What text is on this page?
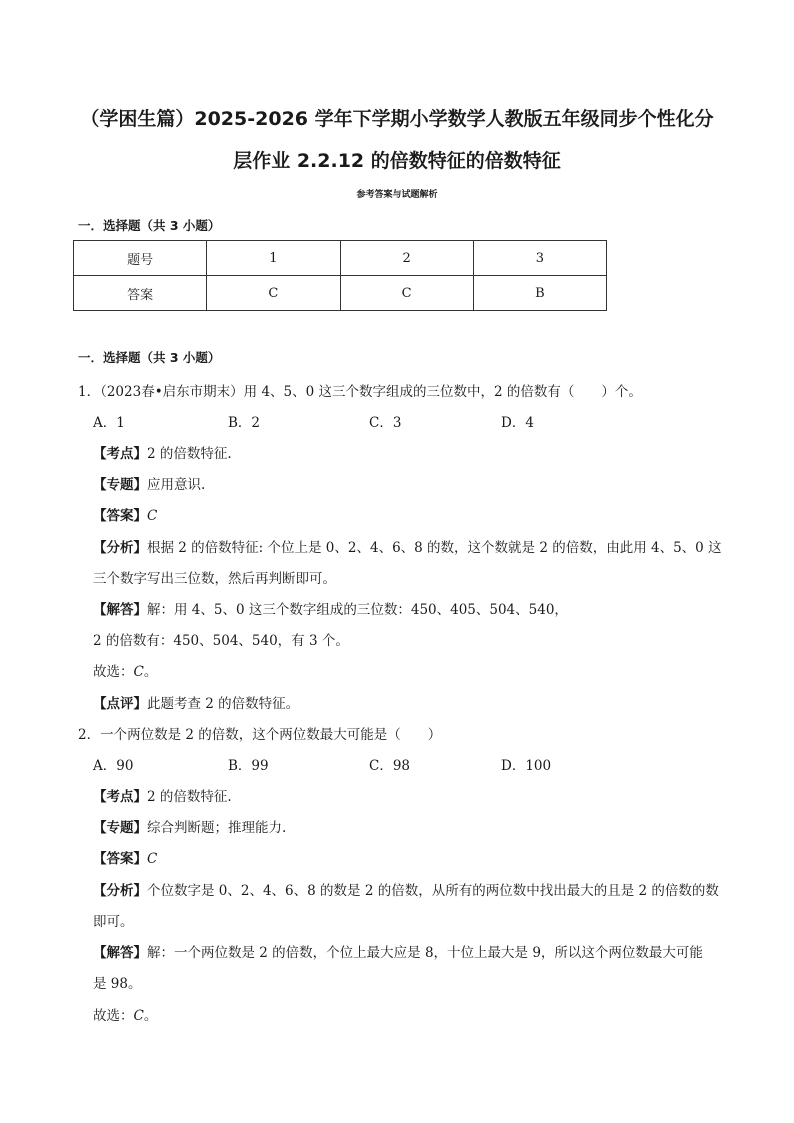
（学困生篇）2025-2026 学年下学期小学数学人教版五年级同步个性化分
层作业 2.2.12 的倍数特征的倍数特征
参考答案与试题解析
一．选择题（共 3 小题）
题号	1	2	3
答案	C	C	B
一．选择题（共 3 小题）
1．（2023春•启东市期末）用 4、5、0 这三个数字组成的三位数中，2 的倍数有（　　）个。
A．1	B．2	C．3	D．4
【考点】2 的倍数特征.
【专题】应用意识.
【答案】C
【分析】根据 2 的倍数特征: 个位上是 0、2、4、6、8 的数，这个数就是 2 的倍数，由此用 4、5、0 这
三个数字写出三位数，然后再判断即可。
【解答】解：用 4、5、0 这三个数字组成的三位数：450、405、504、540，
2 的倍数有：450、504、540，有 3 个。
故选：C。
【点评】此题考查 2 的倍数特征。
2．一个两位数是 2 的倍数，这个两位数最大可能是（　　）
A．90	B．99	C．98	D．100
【考点】2 的倍数特征.
【专题】综合判断题；推理能力.
【答案】C
【分析】个位数字是 0、2、4、6、8 的数是 2 的倍数，从所有的两位数中找出最大的且是 2 的倍数的数
即可。
【解答】解：一个两位数是 2 的倍数，个位上最大应是 8，十位上最大是 9，所以这个两位数最大可能
是 98。
故选：C。
